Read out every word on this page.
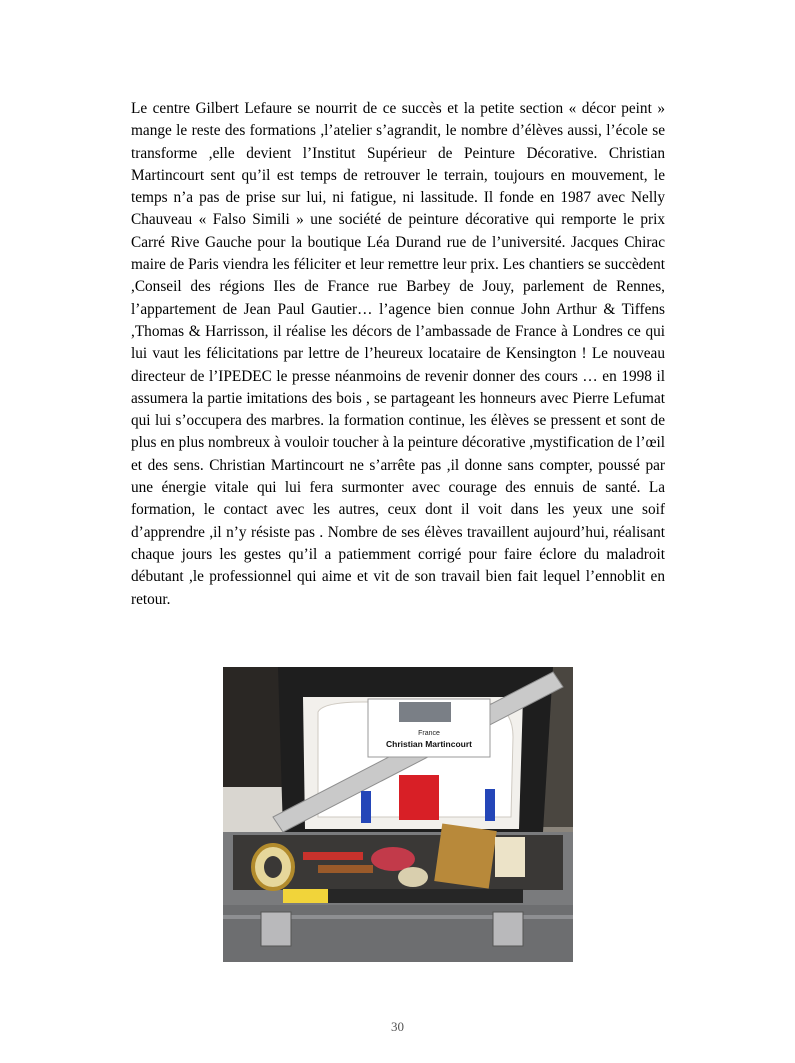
Le centre Gilbert Lefaure se nourrit de ce succès et la petite section « décor peint » mange le reste des formations ,l’atelier s’agrandit, le nombre d’élèves aussi, l’école se transforme ,elle devient l’Institut Supérieur de Peinture Décorative. Christian Martincourt sent qu’il est temps de retrouver le terrain, toujours en mouvement, le temps n’a pas de prise sur lui, ni fatigue, ni lassitude. Il fonde en 1987 avec Nelly Chauveau « Falso Simili » une société de peinture décorative qui remporte le prix Carré Rive Gauche pour la boutique Léa Durand rue de l’université. Jacques Chirac maire de Paris viendra les féliciter et leur remettre leur prix. Les chantiers se succèdent ,Conseil des régions Iles de France rue Barbey de Jouy, parlement de Rennes, l’appartement de Jean Paul Gautier… l’agence bien connue John Arthur & Tiffens ,Thomas & Harrisson, il réalise les décors de l’ambassade de France à Londres ce qui lui vaut les félicitations par lettre de l’heureux locataire de Kensington ! Le nouveau directeur de l’IPEDEC le presse néanmoins de revenir donner des cours … en 1998 il assumera la partie imitations des bois , se partageant les honneurs avec Pierre Lefumat qui lui s’occupera des marbres. la formation continue, les élèves se pressent et sont de plus en plus nombreux à vouloir toucher à la peinture décorative ,mystification de l’œil et des sens. Christian Martincourt ne s’arrête pas ,il donne sans compter, poussé par une énergie vitale qui lui fera surmonter avec courage des ennuis de santé. La formation, le contact avec les autres, ceux dont il voit dans les yeux une soif d’apprendre ,il n’y résiste pas . Nombre de ses élèves travaillent aujourd’hui, réalisant chaque jours les gestes qu’il a patiemment corrigé pour faire éclore du maladroit débutant ,le professionnel qui aime et vit de son travail bien fait lequel l’ennoblit en retour.

France
Christian Martincourt
30
